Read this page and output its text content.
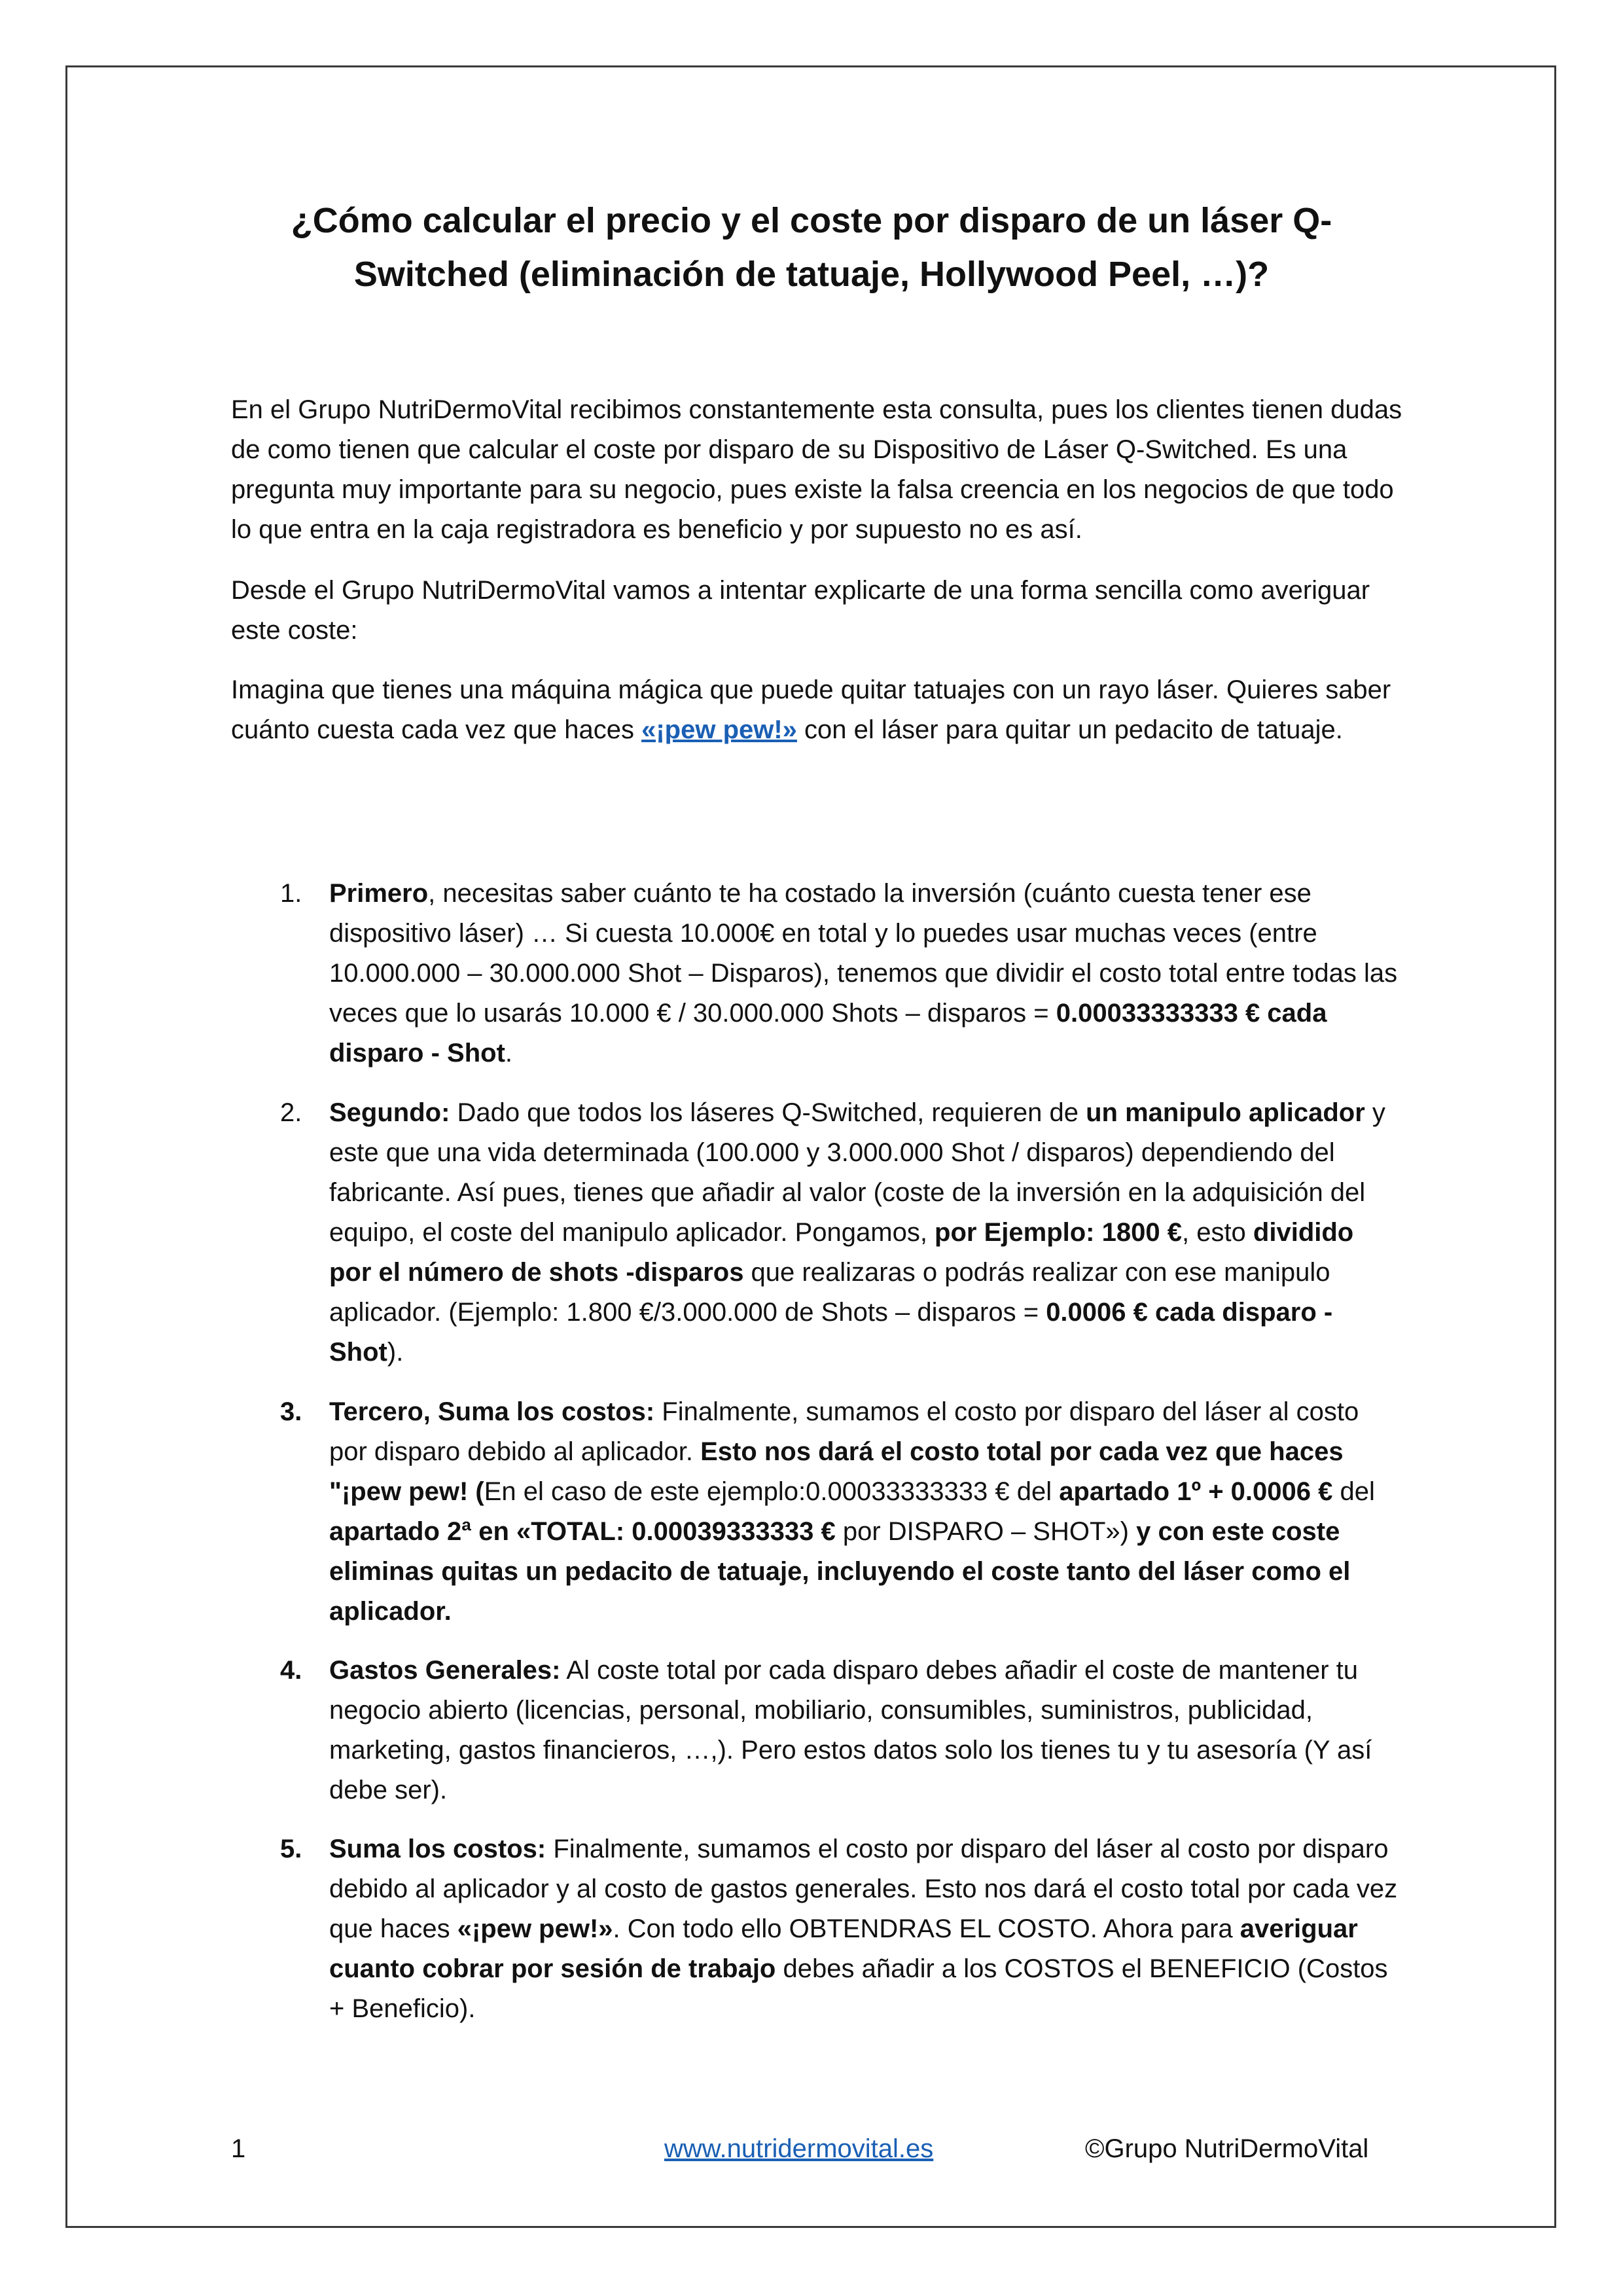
¿Cómo calcular el precio y el coste por disparo de un láser Q-Switched (eliminación de tatuaje, Hollywood Peel, …)?

En el Grupo NutriDermoVital recibimos constantemente esta consulta, pues los clientes tienen dudas de como tienen que calcular el coste por disparo de su Dispositivo de Láser Q-Switched. Es una pregunta muy importante para su negocio, pues existe la falsa creencia en los negocios de que todo lo que entra en la caja registradora es beneficio y por supuesto no es así.

Desde el Grupo NutriDermoVital vamos a intentar explicarte de una forma sencilla como averiguar este coste:

Imagina que tienes una máquina mágica que puede quitar tatuajes con un rayo láser. Quieres saber cuánto cuesta cada vez que haces «¡pew pew!» con el láser para quitar un pedacito de tatuaje.

1.	Primero, necesitas saber cuánto te ha costado la inversión (cuánto cuesta tener ese dispositivo láser) … Si cuesta 10.000€ en total y lo puedes usar muchas veces (entre 10.000.000 – 30.000.000 Shot – Disparos), tenemos que dividir el costo total entre todas las veces que lo usarás 10.000 € / 30.000.000 Shots – disparos = 0.00033333333 € cada disparo - Shot.

2.	Segundo: Dado que todos los láseres Q-Switched, requieren de un manipulo aplicador y este que una vida determinada (100.000 y 3.000.000 Shot / disparos) dependiendo del fabricante. Así pues, tienes que añadir al valor (coste de la inversión en la adquisición del equipo, el coste del manipulo aplicador. Pongamos, por Ejemplo: 1800 €, esto dividido por el número de shots -disparos que realizaras o podrás realizar con ese manipulo aplicador. (Ejemplo: 1.800 €/3.000.000 de Shots – disparos = 0.0006 € cada disparo - Shot).

3.	Tercero, Suma los costos: Finalmente, sumamos el costo por disparo del láser al costo por disparo debido al aplicador. Esto nos dará el costo total por cada vez que haces "¡pew pew! (En el caso de este ejemplo:0.00033333333 € del apartado 1º + 0.0006 € del apartado 2ª en «TOTAL: 0.00039333333 € por DISPARO – SHOT») y con este coste eliminas quitas un pedacito de tatuaje, incluyendo el coste tanto del láser como el aplicador.

4.	Gastos Generales: Al coste total por cada disparo debes añadir el coste de mantener tu negocio abierto (licencias, personal, mobiliario, consumibles, suministros, publicidad, marketing, gastos financieros, …,). Pero estos datos solo los tienes tu y tu asesoría (Y así debe ser).

5.	Suma los costos: Finalmente, sumamos el costo por disparo del láser al costo por disparo debido al aplicador y al costo de gastos generales. Esto nos dará el costo total por cada vez que haces «¡pew pew!». Con todo ello OBTENDRAS EL COSTO. Ahora para averiguar cuanto cobrar por sesión de trabajo debes añadir a los COSTOS el BENEFICIO (Costos + Beneficio).

1	www.nutridermovital.es	©Grupo NutriDermoVital
